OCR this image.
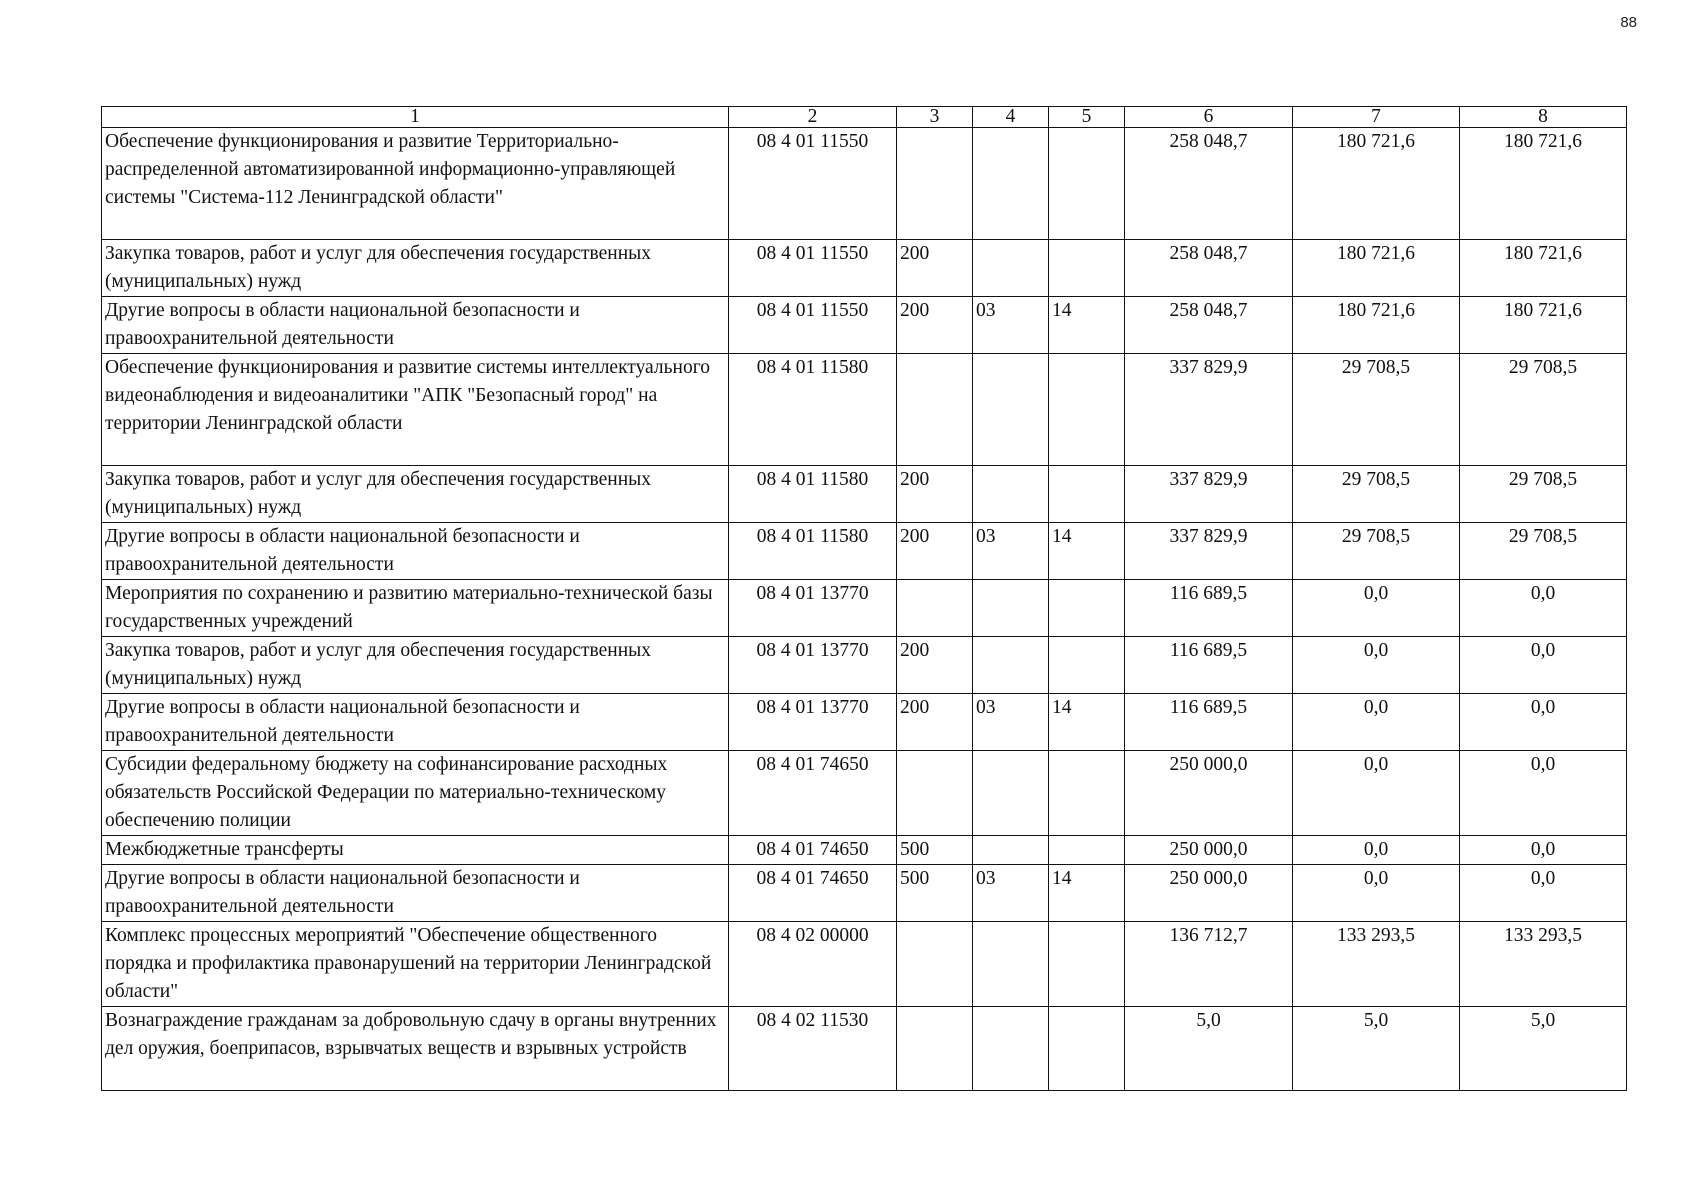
88
1	2	3	4	5	6	7	8
Обеспечение функционирования и развитие Территориально-распределенной автоматизированной информационно-управляющей системы "Система-112 Ленинградской области"	08 4 01 11550				258 048,7	180 721,6	180 721,6
Закупка товаров, работ и услуг для обеспечения государственных (муниципальных) нужд	08 4 01 11550	200			258 048,7	180 721,6	180 721,6
Другие вопросы в области национальной безопасности и правоохранительной деятельности	08 4 01 11550	200	03	14	258 048,7	180 721,6	180 721,6
Обеспечение функционирования и развитие системы интеллектуального видеонаблюдения и видеоаналитики "АПК "Безопасный город" на территории Ленинградской области	08 4 01 11580				337 829,9	29 708,5	29 708,5
Закупка товаров, работ и услуг для обеспечения государственных (муниципальных) нужд	08 4 01 11580	200			337 829,9	29 708,5	29 708,5
Другие вопросы в области национальной безопасности и правоохранительной деятельности	08 4 01 11580	200	03	14	337 829,9	29 708,5	29 708,5
Мероприятия по сохранению и развитию материально-технической базы государственных учреждений	08 4 01 13770				116 689,5	0,0	0,0
Закупка товаров, работ и услуг для обеспечения государственных (муниципальных) нужд	08 4 01 13770	200			116 689,5	0,0	0,0
Другие вопросы в области национальной безопасности и правоохранительной деятельности	08 4 01 13770	200	03	14	116 689,5	0,0	0,0
Субсидии федеральному бюджету на софинансирование расходных обязательств Российской Федерации по материально-техническому обеспечению полиции	08 4 01 74650				250 000,0	0,0	0,0
Межбюджетные трансферты	08 4 01 74650	500			250 000,0	0,0	0,0
Другие вопросы в области национальной безопасности и правоохранительной деятельности	08 4 01 74650	500	03	14	250 000,0	0,0	0,0
Комплекс процессных мероприятий "Обеспечение общественного порядка и профилактика правонарушений на территории Ленинградской области"	08 4 02 00000				136 712,7	133 293,5	133 293,5
Вознаграждение гражданам за добровольную сдачу в органы внутренних дел оружия, боеприпасов, взрывчатых веществ и взрывных устройств	08 4 02 11530				5,0	5,0	5,0
